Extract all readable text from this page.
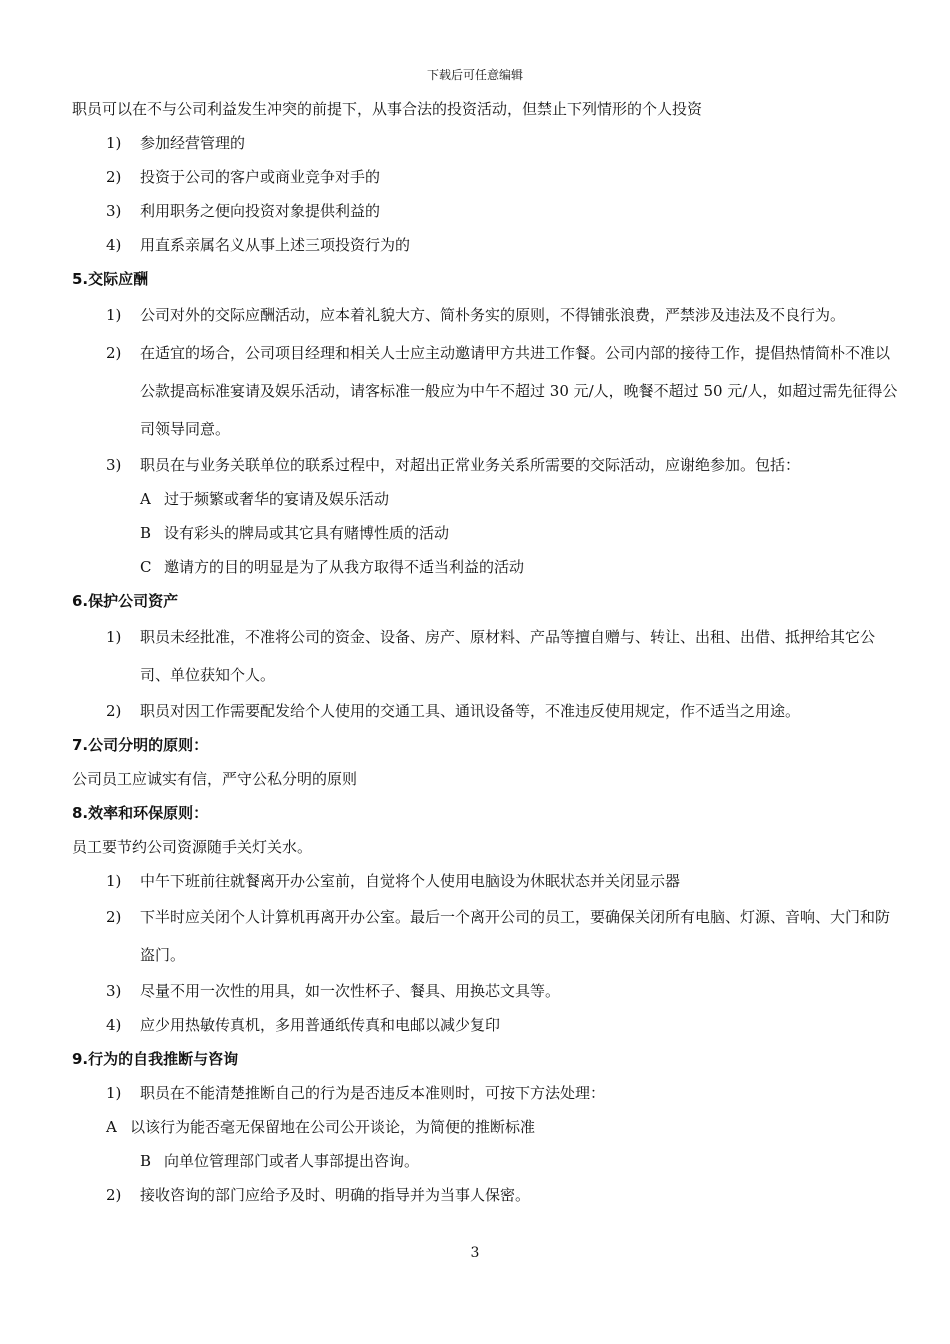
下载后可任意编辑

职员可以在不与公司利益发生冲突的前提下，从事合法的投资活动，但禁止下列情形的个人投资

1) 参加经营管理的

2) 投资于公司的客户或商业竞争对手的

3) 利用职务之便向投资对象提供利益的

4) 用直系亲属名义从事上述三项投资行为的

5.交际应酬

1) 公司对外的交际应酬活动，应本着礼貌大方、简朴务实的原则，不得铺张浪费，严禁涉及违法及不良行为。

2) 在适宜的场合，公司项目经理和相关人士应主动邀请甲方共进工作餐。公司内部的接待工作，提倡热情简朴不准以公款提高标准宴请及娱乐活动，请客标准一般应为中午不超过 30 元/人，晚餐不超过 50 元/人，如超过需先征得公司领导同意。

3) 职员在与业务关联单位的联系过程中，对超出正常业务关系所需要的交际活动，应谢绝参加。包括：

A 过于频繁或奢华的宴请及娱乐活动

B 设有彩头的牌局或其它具有赌博性质的活动

C 邀请方的目的明显是为了从我方取得不适当利益的活动

6.保护公司资产

1) 职员未经批准，不准将公司的资金、设备、房产、原材料、产品等擅自赠与、转让、出租、出借、抵押给其它公司、单位获知个人。

2) 职员对因工作需要配发给个人使用的交通工具、通讯设备等，不准违反使用规定，作不适当之用途。

7.公司分明的原则：

公司员工应诚实有信，严守公私分明的原则

8.效率和环保原则：

员工要节约公司资源随手关灯关水。

1) 中午下班前往就餐离开办公室前，自觉将个人使用电脑设为休眠状态并关闭显示器

2) 下半时应关闭个人计算机再离开办公室。最后一个离开公司的员工，要确保关闭所有电脑、灯源、音响、大门和防盗门。

3) 尽量不用一次性的用具，如一次性杯子、餐具、用换芯文具等。

4) 应少用热敏传真机，多用普通纸传真和电邮以减少复印

9.行为的自我推断与咨询

1) 职员在不能清楚推断自己的行为是否违反本准则时，可按下方法处理：

A 以该行为能否毫无保留地在公司公开谈论，为简便的推断标准

B 向单位管理部门或者人事部提出咨询。

2) 接收咨询的部门应给予及时、明确的指导并为当事人保密。

3
